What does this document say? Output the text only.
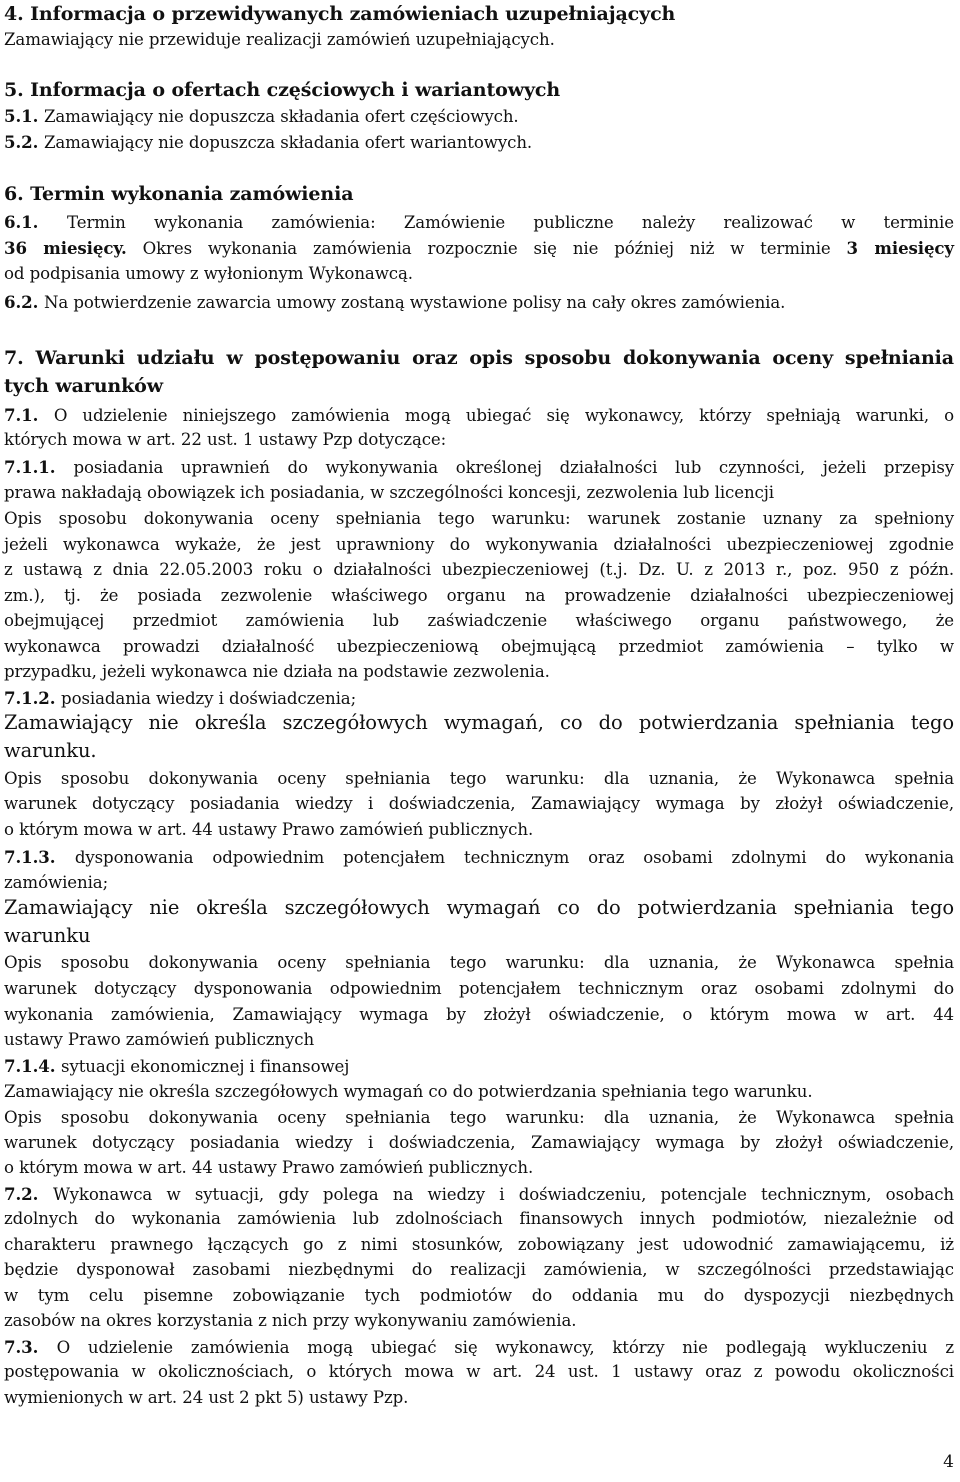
4. Informacja o przewidywanych zamówieniach uzupełniających
Zamawiający nie przewiduje realizacji zamówień uzupełniających.
5. Informacja o ofertach częściowych i wariantowych
5.1. Zamawiający nie dopuszcza składania ofert częściowych.
5.2. Zamawiający nie dopuszcza składania ofert wariantowych.
6. Termin wykonania zamówienia
6.1. Termin wykonania zamówienia: Zamówienie publiczne należy realizować w terminie
36 miesięcy. Okres wykonania zamówienia rozpocznie się nie później niż w terminie 3 miesięcy
od podpisania umowy z wyłonionym Wykonawcą.
6.2. Na potwierdzenie zawarcia umowy zostaną wystawione polisy na cały okres zamówienia.
7. Warunki udziału w postępowaniu oraz opis sposobu dokonywania oceny spełniania
tych warunków
7.1. O udzielenie niniejszego zamówienia mogą ubiegać się wykonawcy, którzy spełniają warunki, o
których mowa w art. 22 ust. 1 ustawy Pzp dotyczące:
7.1.1. posiadania uprawnień do wykonywania określonej działalności lub czynności, jeżeli przepisy
prawa nakładają obowiązek ich posiadania, w szczególności koncesji, zezwolenia lub licencji
Opis sposobu dokonywania oceny spełniania tego warunku: warunek zostanie uznany za spełniony
jeżeli wykonawca wykaże, że jest uprawniony do wykonywania działalności ubezpieczeniowej zgodnie
z ustawą z dnia 22.05.2003 roku o działalności ubezpieczeniowej (t.j. Dz. U. z 2013 r., poz. 950 z późn.
zm.), tj. że posiada zezwolenie właściwego organu na prowadzenie działalności ubezpieczeniowej
obejmującej przedmiot zamówienia lub zaświadczenie właściwego organu państwowego, że
wykonawca prowadzi działalność ubezpieczeniową obejmującą przedmiot zamówienia – tylko w
przypadku, jeżeli wykonawca nie działa na podstawie zezwolenia.
7.1.2. posiadania wiedzy i doświadczenia;
Zamawiający nie określa szczegółowych wymagań, co do potwierdzania spełniania tego
warunku.
Opis sposobu dokonywania oceny spełniania tego warunku: dla uznania, że Wykonawca spełnia
warunek dotyczący posiadania wiedzy i doświadczenia, Zamawiający wymaga by złożył oświadczenie,
o którym mowa w art. 44 ustawy Prawo zamówień publicznych.
7.1.3. dysponowania odpowiednim potencjałem technicznym oraz osobami zdolnymi do wykonania
zamówienia;
Zamawiający nie określa szczegółowych wymagań co do potwierdzania spełniania tego
warunku
Opis sposobu dokonywania oceny spełniania tego warunku: dla uznania, że Wykonawca spełnia
warunek dotyczący dysponowania odpowiednim potencjałem technicznym oraz osobami zdolnymi do
wykonania zamówienia, Zamawiający wymaga by złożył oświadczenie, o którym mowa w art. 44
ustawy Prawo zamówień publicznych
7.1.4. sytuacji ekonomicznej i finansowej
Zamawiający nie określa szczegółowych wymagań co do potwierdzania spełniania tego warunku.
Opis sposobu dokonywania oceny spełniania tego warunku: dla uznania, że Wykonawca spełnia
warunek dotyczący posiadania wiedzy i doświadczenia, Zamawiający wymaga by złożył oświadczenie,
o którym mowa w art. 44 ustawy Prawo zamówień publicznych.
7.2. Wykonawca w sytuacji, gdy polega na wiedzy i doświadczeniu, potencjale technicznym, osobach
zdolnych do wykonania zamówienia lub zdolnościach finansowych innych podmiotów, niezależnie od
charakteru prawnego łączących go z nimi stosunków, zobowiązany jest udowodnić zamawiającemu, iż
będzie dysponował zasobami niezbędnymi do realizacji zamówienia, w szczególności przedstawiając
w tym celu pisemne zobowiązanie tych podmiotów do oddania mu do dyspozycji niezbędnych
zasobów na okres korzystania z nich przy wykonywaniu zamówienia.
7.3. O udzielenie zamówienia mogą ubiegać się wykonawcy, którzy nie podlegają wykluczeniu z
postępowania w okolicznościach, o których mowa w art. 24 ust. 1 ustawy oraz z powodu okoliczności
wymienionych w art. 24 ust 2 pkt 5) ustawy Pzp.
4
